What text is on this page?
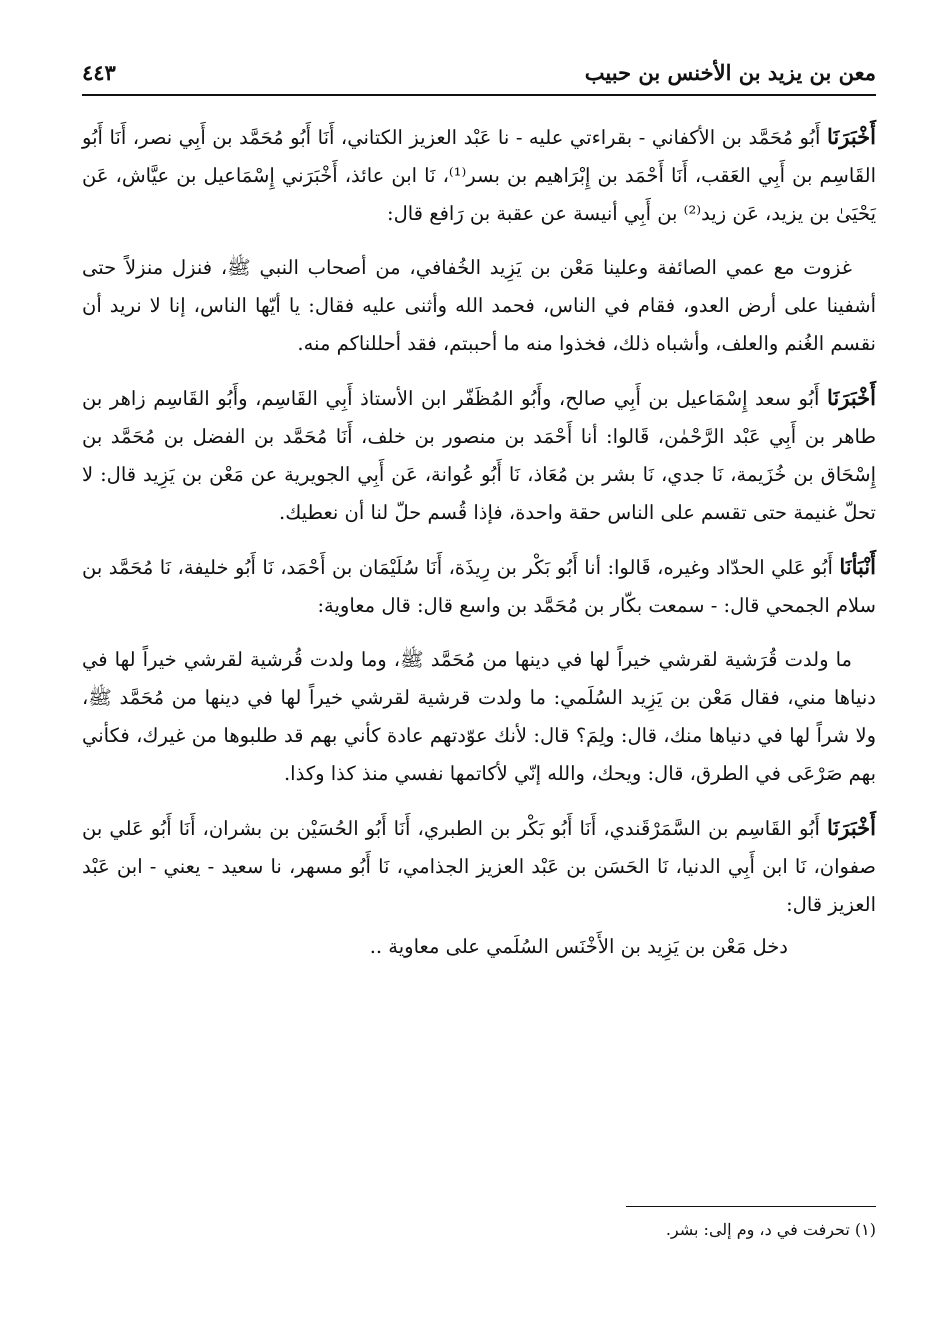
معن بن يزيد بن الأخنس بن حبيب
٤٤٣

أَخْبَرَنَا أَبُو مُحَمَّد بن الأكفاني - بقراءتي عليه - نا عَبْد العزيز الكتاني، أَنَا أَبُو مُحَمَّد بن أَبِي نصر، أَنَا أَبُو القَاسِم بن أَبِي العَقب، أَنَا أَحْمَد بن إِبْرَاهيم بن بسر⁽¹⁾، نَا ابن عائذ، أَخْبَرَني إِسْمَاعيل بن عيَّاش، عَن يَحْيَىٰ بن يزيد، عَن زيد⁽²⁾ بن أَبِي أنيسة عن عقبة بن رَافع قال:

غزوت مع عمي الصائفة وعلينا مَعْن بن يَزِيد الخُفافي، من أصحاب النبي ﷺ، فنزل منزلاً حتى أشفينا على أرض العدو، فقام في الناس، فحمد الله وأثنى عليه فقال: يا أيّها الناس، إنا لا نريد أن نقسم الغُنم والعلف، وأشباه ذلك، فخذوا منه ما أحببتم، فقد أحللناكم منه.

أَخْبَرَنَا أَبُو سعد إِسْمَاعيل بن أَبِي صالح، وأَبُو المُظَفّر ابن الأستاذ أَبِي القَاسِم، وأَبُو القَاسِم زاهر بن طاهر بن أَبِي عَبْد الرَّحْمٰن، قَالوا: أنا أَحْمَد بن منصور بن خلف، أَنَا مُحَمَّد بن الفضل بن مُحَمَّد بن إِسْحَاق بن خُزَيمة، نَا جدي، نَا بشر بن مُعَاذ، نَا أَبُو عُوانة، عَن أَبِي الجويرية عن مَعْن بن يَزِيد قال: لا تحلّ غنيمة حتى تقسم على الناس حقة واحدة، فإذا قُسم حلّ لنا أن نعطيك.

أَنْبَأنَا أَبُو عَلي الحدّاد وغيره، قَالوا: أنا أَبُو بَكْر بن رِيذَة، أَنَا سُلَيْمَان بن أَحْمَد، نَا أَبُو خليفة، نَا مُحَمَّد بن سلام الجمحي قال: - سمعت بكّار بن مُحَمَّد بن واسع قال: قال معاوية:

ما ولدت قُرَشية لقرشي خيراً لها في دينها من مُحَمَّد ﷺ، وما ولدت قُرشية لقرشي خيراً لها في دنياها مني، فقال مَعْن بن يَزِيد السُلَمي: ما ولدت قرشية لقرشي خيراً لها في دينها من مُحَمَّد ﷺ، ولا شراً لها في دنياها منك، قال: ولِمَ؟ قال: لأنك عوّدتهم عادة كأني بهم قد طلبوها من غيرك، فكأني بهم صَرْعَى في الطرق، قال: ويحك، والله إنّي لأكاتمها نفسي منذ كذا وكذا.

أَخْبَرَنَا أَبُو القَاسِم بن السَّمَرْقَندي، أَنَا أَبُو بَكْر بن الطبري، أَنَا أَبُو الحُسَيْن بن بشران، أَنَا أَبُو عَلي بن صفوان، نَا ابن أَبِي الدنيا، نَا الحَسَن بن عَبْد العزيز الجذامي، نَا أَبُو مسهر، نا سعيد - يعني - ابن عَبْد العزيز قال:

دخل مَعْن بن يَزِيد بن الأَخْنَس السُلَمي على معاوية ..

(١) تحرفت في د، وم إلى: بشر.
